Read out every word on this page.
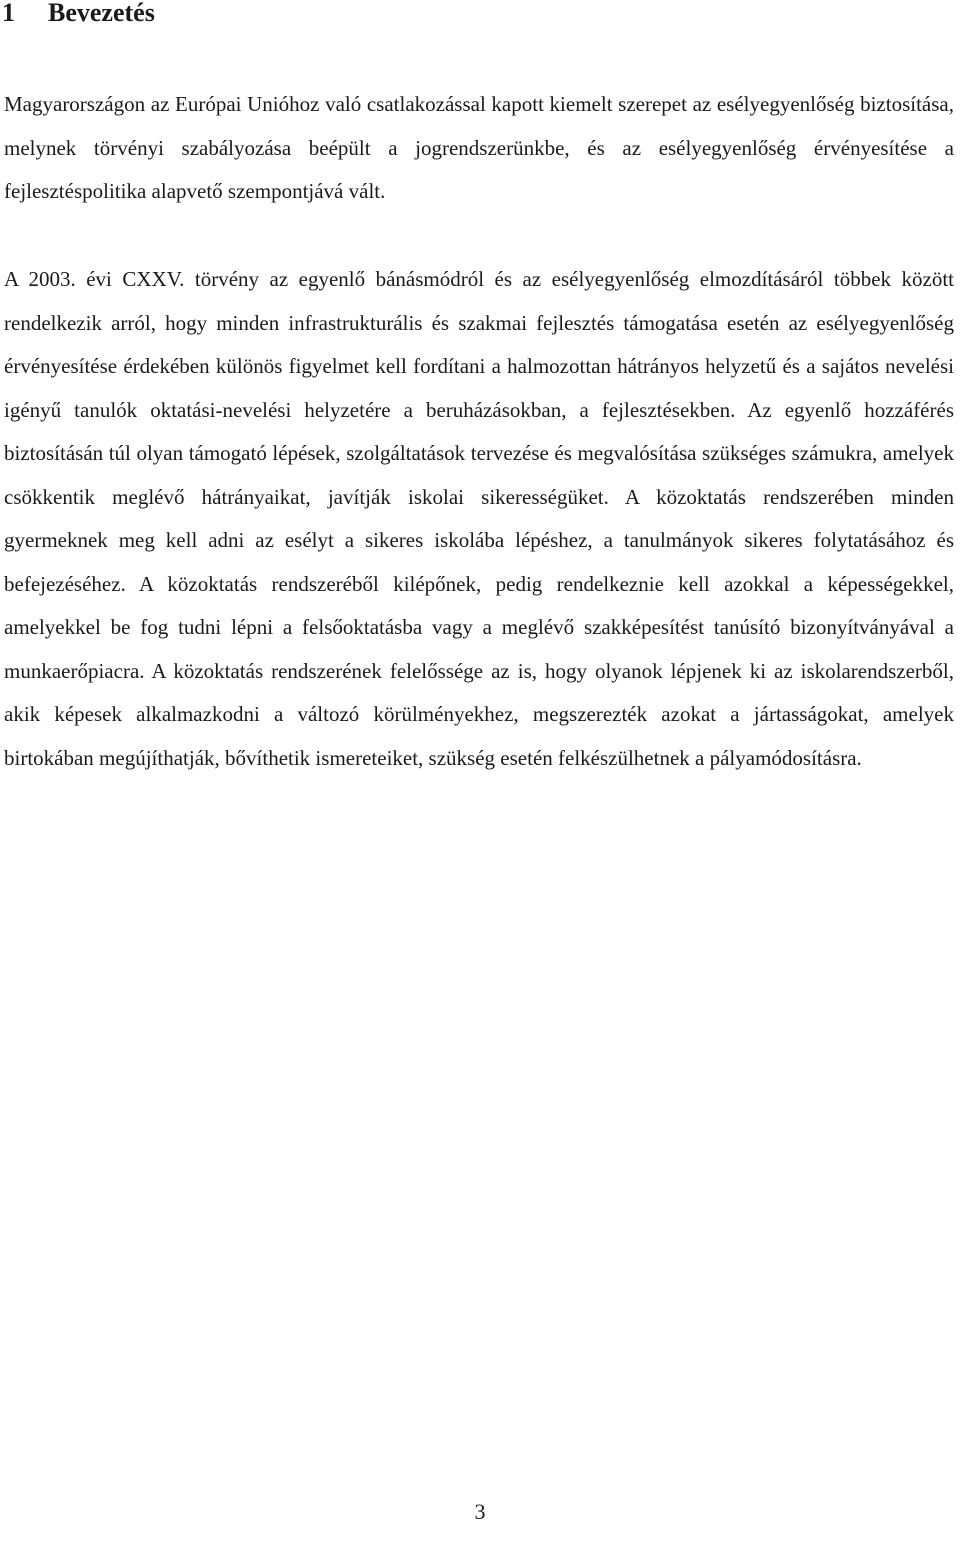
1 Bevezetés

Magyarországon az Európai Unióhoz való csatlakozással kapott kiemelt szerepet az esélyegyenlőség biztosítása, melynek törvényi szabályozása beépült a jogrendszerünkbe, és az esélyegyenlőség érvényesítése a fejlesztéspolitika alapvető szempontjává vált.

A 2003. évi CXXV. törvény az egyenlő bánásmódról és az esélyegyenlőség elmozdításáról többek között rendelkezik arról, hogy minden infrastrukturális és szakmai fejlesztés támogatása esetén az esélyegyenlőség érvényesítése érdekében különös figyelmet kell fordítani a halmozottan hátrányos helyzetű és a sajátos nevelési igényű tanulók oktatási-nevelési helyzetére a beruházásokban, a fejlesztésekben. Az egyenlő hozzáférés biztosításán túl olyan támogató lépések, szolgáltatások tervezése és megvalósítása szükséges számukra, amelyek csökkentik meglévő hátrányaikat, javítják iskolai sikerességüket. A közoktatás rendszerében minden gyermeknek meg kell adni az esélyt a sikeres iskolába lépéshez, a tanulmányok sikeres folytatásához és befejezéséhez. A közoktatás rendszeréből kilépőnek, pedig rendelkeznie kell azokkal a képességekkel, amelyekkel be fog tudni lépni a felsőoktatásba vagy a meglévő szakképesítést tanúsító bizonyítványával a munkaerőpiacra. A közoktatás rendszerének felelőssége az is, hogy olyanok lépjenek ki az iskolarendszerből, akik képesek alkalmazkodni a változó körülményekhez, megszerezték azokat a jártasságokat, amelyek birtokában megújíthatják, bővíthetik ismereteiket, szükség esetén felkészülhetnek a pályamódosításra.

3
